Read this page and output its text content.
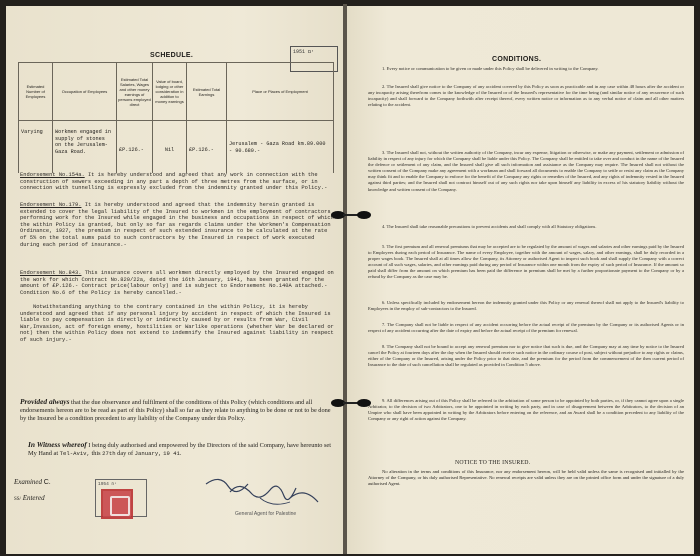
SCHEDULE.	1951 ים
Estimated Number of Employees	Occupation of Employees	Estimated Total Salaries, Wages and other money earnings of persons employed direct	Value of board, lodging or other consideration in addition to money earnings	Estimated Total Earnings	Place or Places of Employment
Varying	Workmen engaged in supply of stones on the Jerusalem-Gaza Road.	£P.126.-	Nil	£P.126.-	Jerusalem - Gaza Road km.89.000 - 90.680.-
Endorsement No.154a. It is hereby understood and agreed that any work in connection with the construction of sewers exceeding in any part a depth of three metres from the surface, or in connection with tunnelling is expressly excluded from the indemnity granted under this Policy.-
Endorsement No.179. It is hereby understood and agreed that the indemnity herein granted is extended to cover the legal liability of the Insured to workmen in the employment of contractors performing work for the Insured while engaged in the business and occupations in respect of which the within Policy is granted, but only so far as regards claims under the Workmen's Compensation Ordinance, 1927, the premium in respect of such extended insurance to be calculated at the rate of 5% on the total sums paid to such contractors by the Insured in respect of work executed during each period of insurance.-
Endorsement No.843. This insurance covers all workmen directly employed by the Insured engaged on the work for which Contract No.820/22a, dated the 16th January, 1941, has been granted for the amount of £P.126.- Contract price(labour only) and is subject to Endorsement No.140A attached.- Condition No.6 of the Policy is hereby cancelled.-
Notwithstanding anything to the contrary contained in the within Policy, it is hereby understood and agreed that if any personal injury by accident in respect of which the Insured is liable to pay compensation is directly or indirectly caused by or results from War, Civil War,Invasion, act of foreign enemy, hostilities or Warlike operations (whether War be declared or not) then the within Policy does not extend to indemnify the Insured against liability in respect of such injury.-
Provided always that the due observance and fulfilment of the conditions of this Policy (which conditions and all endorsements hereon are to be read as part of this Policy) shall so far as they relate to anything to be done or not to be done by the Insured be a condition precedent to any liability of the Company under this Policy.
In Witness whereof I being duly authorised and empowered by the Directors of the said Company, have hereunto set My Hand at Tel-Aviv, this 27th day of January, 19 41.
Examined C.
SS/ Entered
1954 יח
General Agent for Palestine
CONDITIONS.

1. Every notice or communication to be given or made under this Policy shall be delivered in writing to the Company.

2. The Insured shall give notice to the Company of any accident covered by this Policy as soon as practicable and in any case within 48 hours after the accident or any incapacity arising therefrom comes to the knowledge of the Insured or of the Insured's representative for the time being (and similar notice of any recurrence of such incapacity) and shall forward to the Company forthwith after receipt thereof, every written notice or information as to any verbal notice of claim and all other matters relating to the accident.

3. The Insured shall not, without the written authority of the Company, incur any expense, litigation or otherwise, or make any payment, settlement or admission of liability in respect of any injury for which the Company shall be liable under this Policy. The Company shall be entitled to take over and conduct in the name of the Insured the defence or settlement of any claim, and the Insured shall give all such information and assistance as the Company may require. The Insured shall not without the written consent of the Company make any agreement with a workman and shall forward all documents to enable the Company to settle or resist any claim as the Company may think fit and to enable the Company to enforce for the benefit of the Company any rights or remedies of the Insured, and any rights of indemnity vested in the Insured against third parties; and the Insured shall not contract himself out of any such rights nor take upon himself any liability in excess of his statutory liability without the knowledge and written consent of the Company.

4. The Insured shall take reasonable precautions to prevent accidents and shall comply with all Statutory obligations.

5. The first premium and all renewal premiums that may be accepted are to be regulated by the amount of wages and salaries and other earnings paid by the Insured to Employees during each period of Insurance. The name of every Employee, together with the amount of wages, salary, and other earnings, shall be duly recorded in a proper wages book. The Insured shall at all times allow the Company, its Attorney or authorised Agent to inspect such book and shall supply the Company with a correct account of all such wages, salaries, and other earnings paid during any period of Insurance within one month from the expiry of such period of Insurance. If the amount so paid shall differ from the amount on which premium has been paid the difference in premium shall be met by a further proportionate payment to the Company or by a refund by the Company as the case may be.

6. Unless specifically included by endorsement hereon the indemnity granted under this Policy or any renewal thereof shall not apply to the Insured's liability to Employees in the employ of sub-contractors to the Insured.

7. The Company shall not be liable in respect of any accident occurring before the actual receipt of the premium by the Company or its authorised Agents or in respect of any accident occurring after the date of expiry and before the actual receipt of the premium for renewal.

8. The Company shall not be bound to accept any renewal premium nor to give notice that such is due, and the Company may at any time by notice to the Insured cancel the Policy at fourteen days after the day when the Insured should receive such notice in the ordinary course of post, subject without prejudice to any rights or claims, either of the Company or the Insured, arising under the Policy prior to that date, and the premium for the period from the commencement of the then current period of Insurance to the date of such cancellation shall be regulated as provided in Condition 5 above.

9. All differences arising out of this Policy shall be referred to the arbitration of some person to be appointed by both parties, or, if they cannot agree upon a single Arbitrator, to the decision of two Arbitrators, one to be appointed in writing by each party, and in case of disagreement between the Arbitrators, to the decision of an Umpire who shall have been appointed in writing by the Arbitrators before entering on the reference, and an Award shall be a condition precedent to any liability of the Company or any right of action against the Company.

NOTICE TO THE INSURED.

No alteration in the terms and conditions of this Insurance, nor any endorsement hereon, will be held valid unless the same is recognised and initialled by the Attorney of the Company, or his duly authorised Representative. No renewal receipts are valid unless they are on the printed office form and under the signature of a duly authorised Agent.
